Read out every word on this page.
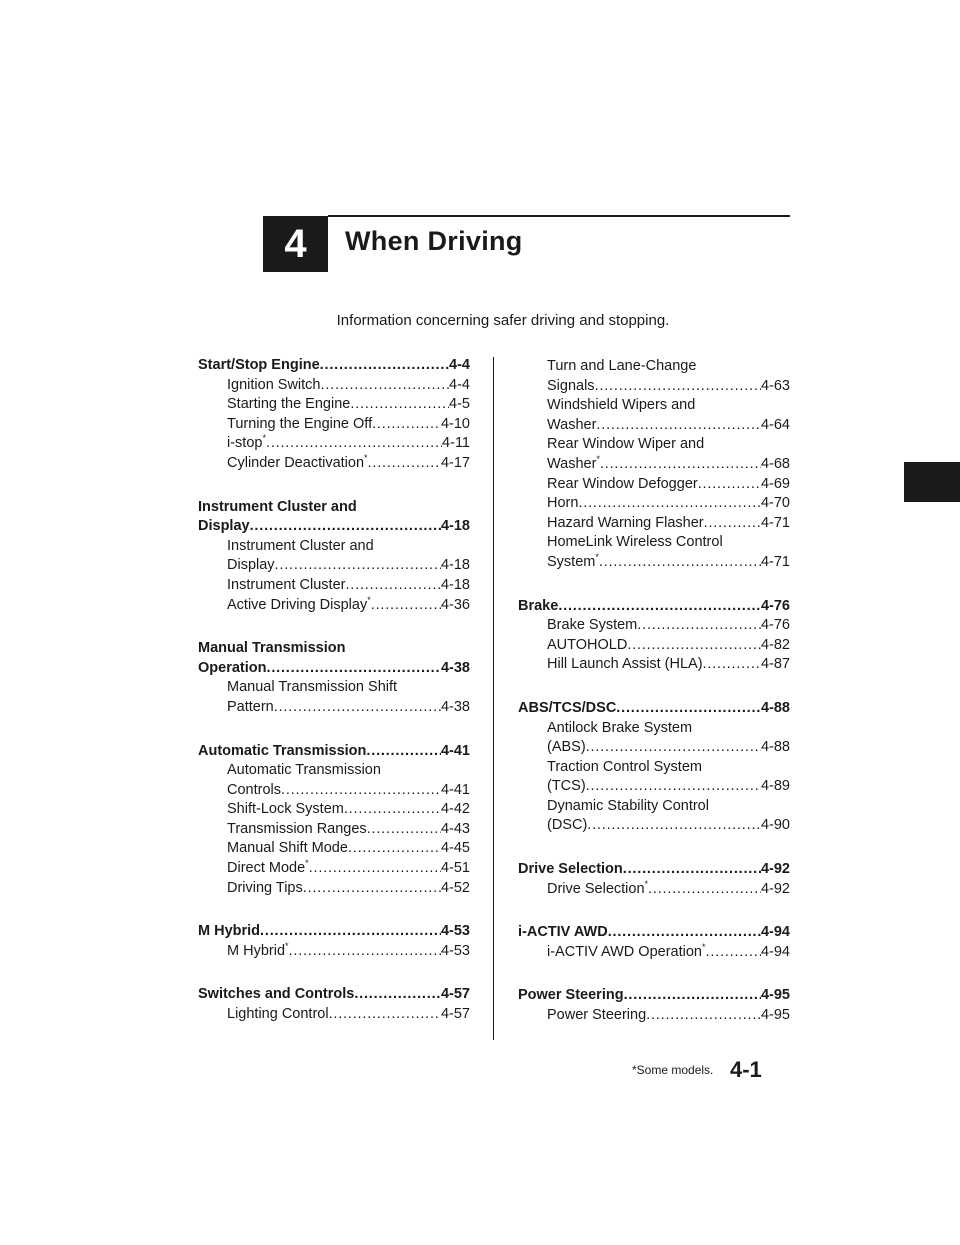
4 When Driving
Information concerning safer driving and stopping.
Start/Stop Engine .....	4-4
Ignition Switch .....	4-4
Starting the Engine .....	4-5
Turning the Engine Off .....	4-10
i-stop* .....	4-11
Cylinder Deactivation* .....	4-17
Instrument Cluster and
Display .....	4-18
Instrument Cluster and
Display .....	4-18
Instrument Cluster .....	4-18
Active Driving Display* .....	4-36
Manual Transmission
Operation .....	4-38
Manual Transmission Shift
Pattern .....	4-38
Automatic Transmission .....	4-41
Automatic Transmission
Controls .....	4-41
Shift-Lock System .....	4-42
Transmission Ranges .....	4-43
Manual Shift Mode .....	4-45
Direct Mode* .....	4-51
Driving Tips .....	4-52
M Hybrid .....	4-53
M Hybrid* .....	4-53
Switches and Controls .....	4-57
Lighting Control .....	4-57
Turn and Lane-Change
Signals .....	4-63
Windshield Wipers and
Washer .....	4-64
Rear Window Wiper and
Washer* .....	4-68
Rear Window Defogger .....	4-69
Horn .....	4-70
Hazard Warning Flasher .....	4-71
HomeLink Wireless Control
System* .....	4-71
Brake .....	4-76
Brake System .....	4-76
AUTOHOLD .....	4-82
Hill Launch Assist (HLA) .....	4-87
ABS/TCS/DSC .....	4-88
Antilock Brake System
(ABS) .....	4-88
Traction Control System
(TCS) .....	4-89
Dynamic Stability Control
(DSC) .....	4-90
Drive Selection .....	4-92
Drive Selection* .....	4-92
i-ACTIV AWD .....	4-94
i-ACTIV AWD Operation* .....	4-94
Power Steering .....	4-95
Power Steering .....	4-95
*Some models. 4-1
